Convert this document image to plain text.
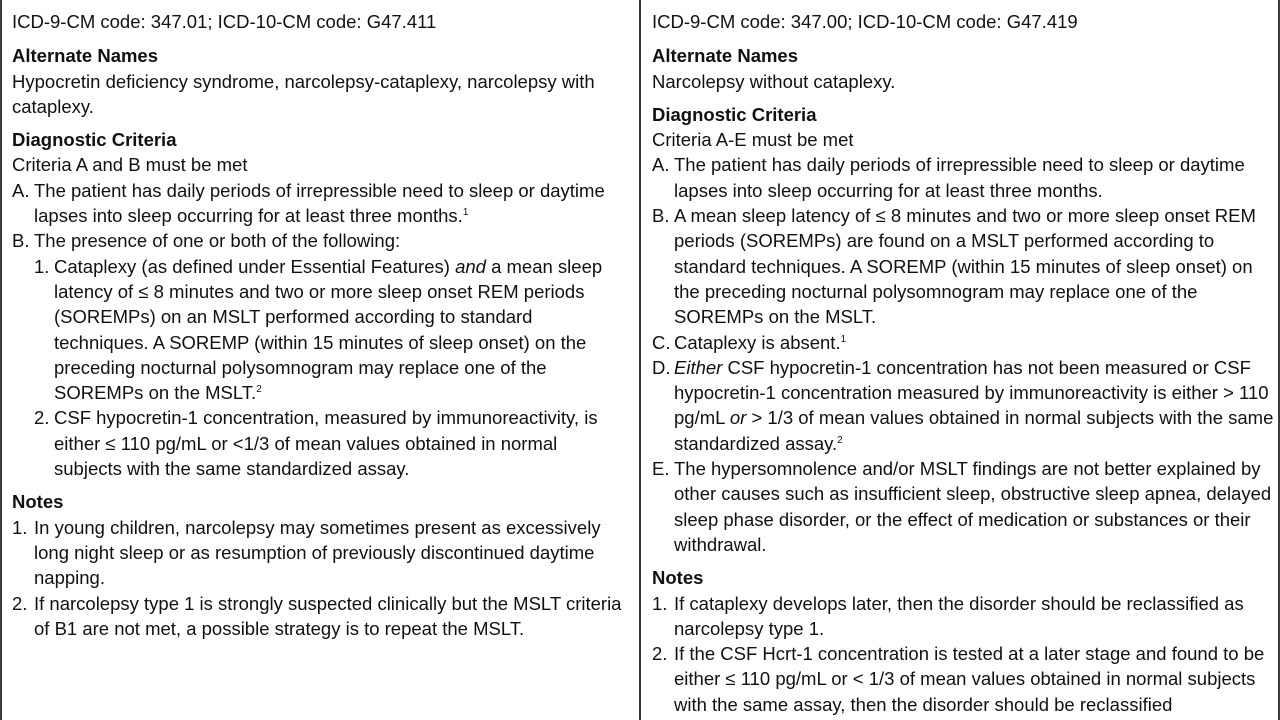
ICD-9-CM code: 347.01; ICD-10-CM code: G47.411
Alternate Names
Hypocretin deficiency syndrome, narcolepsy-cataplexy, narcolepsy with cataplexy.
Diagnostic Criteria
Criteria A and B must be met
A. The patient has daily periods of irrepressible need to sleep or daytime lapses into sleep occurring for at least three months.$^1$
B. The presence of one or both of the following:
1. Cataplexy (as defined under Essential Features) and a mean sleep latency of ≤ 8 minutes and two or more sleep onset REM periods (SOREMPs) on an MSLT performed according to standard techniques. A SOREMP (within 15 minutes of sleep onset) on the preceding nocturnal polysomnogram may replace one of the SOREMPs on the MSLT.$^2$
2. CSF hypocretin-1 concentration, measured by immunoreactivity, is either ≤ 110 pg/mL or <1/3 of mean values obtained in normal subjects with the same standardized assay.
Notes
1. In young children, narcolepsy may sometimes present as excessively long night sleep or as resumption of previously discontinued daytime napping.
2. If narcolepsy type 1 is strongly suspected clinically but the MSLT criteria of B1 are not met, a possible strategy is to repeat the MSLT.
ICD-9-CM code: 347.00; ICD-10-CM code: G47.419
Alternate Names
Narcolepsy without cataplexy.
Diagnostic Criteria
Criteria A-E must be met
A. The patient has daily periods of irrepressible need to sleep or daytime lapses into sleep occurring for at least three months.
B. A mean sleep latency of ≤ 8 minutes and two or more sleep onset REM periods (SOREMPs) are found on a MSLT performed according to standard techniques. A SOREMP (within 15 minutes of sleep onset) on the preceding nocturnal polysomnogram may replace one of the SOREMPs on the MSLT.
C. Cataplexy is absent.$^1$
D. Either CSF hypocretin-1 concentration has not been measured or CSF hypocretin-1 concentration measured by immunoreactivity is either > 110 pg/mL or > 1/3 of mean values obtained in normal subjects with the same standardized assay.$^2$
E. The hypersomnolence and/or MSLT findings are not better explained by other causes such as insufficient sleep, obstructive sleep apnea, delayed sleep phase disorder, or the effect of medication or substances or their withdrawal.
Notes
1. If cataplexy develops later, then the disorder should be reclassified as narcolepsy type 1.
2. If the CSF Hcrt-1 concentration is tested at a later stage and found to be either ≤ 110 pg/mL or < 1/3 of mean values obtained in normal subjects with the same assay, then the disorder should be reclassified
